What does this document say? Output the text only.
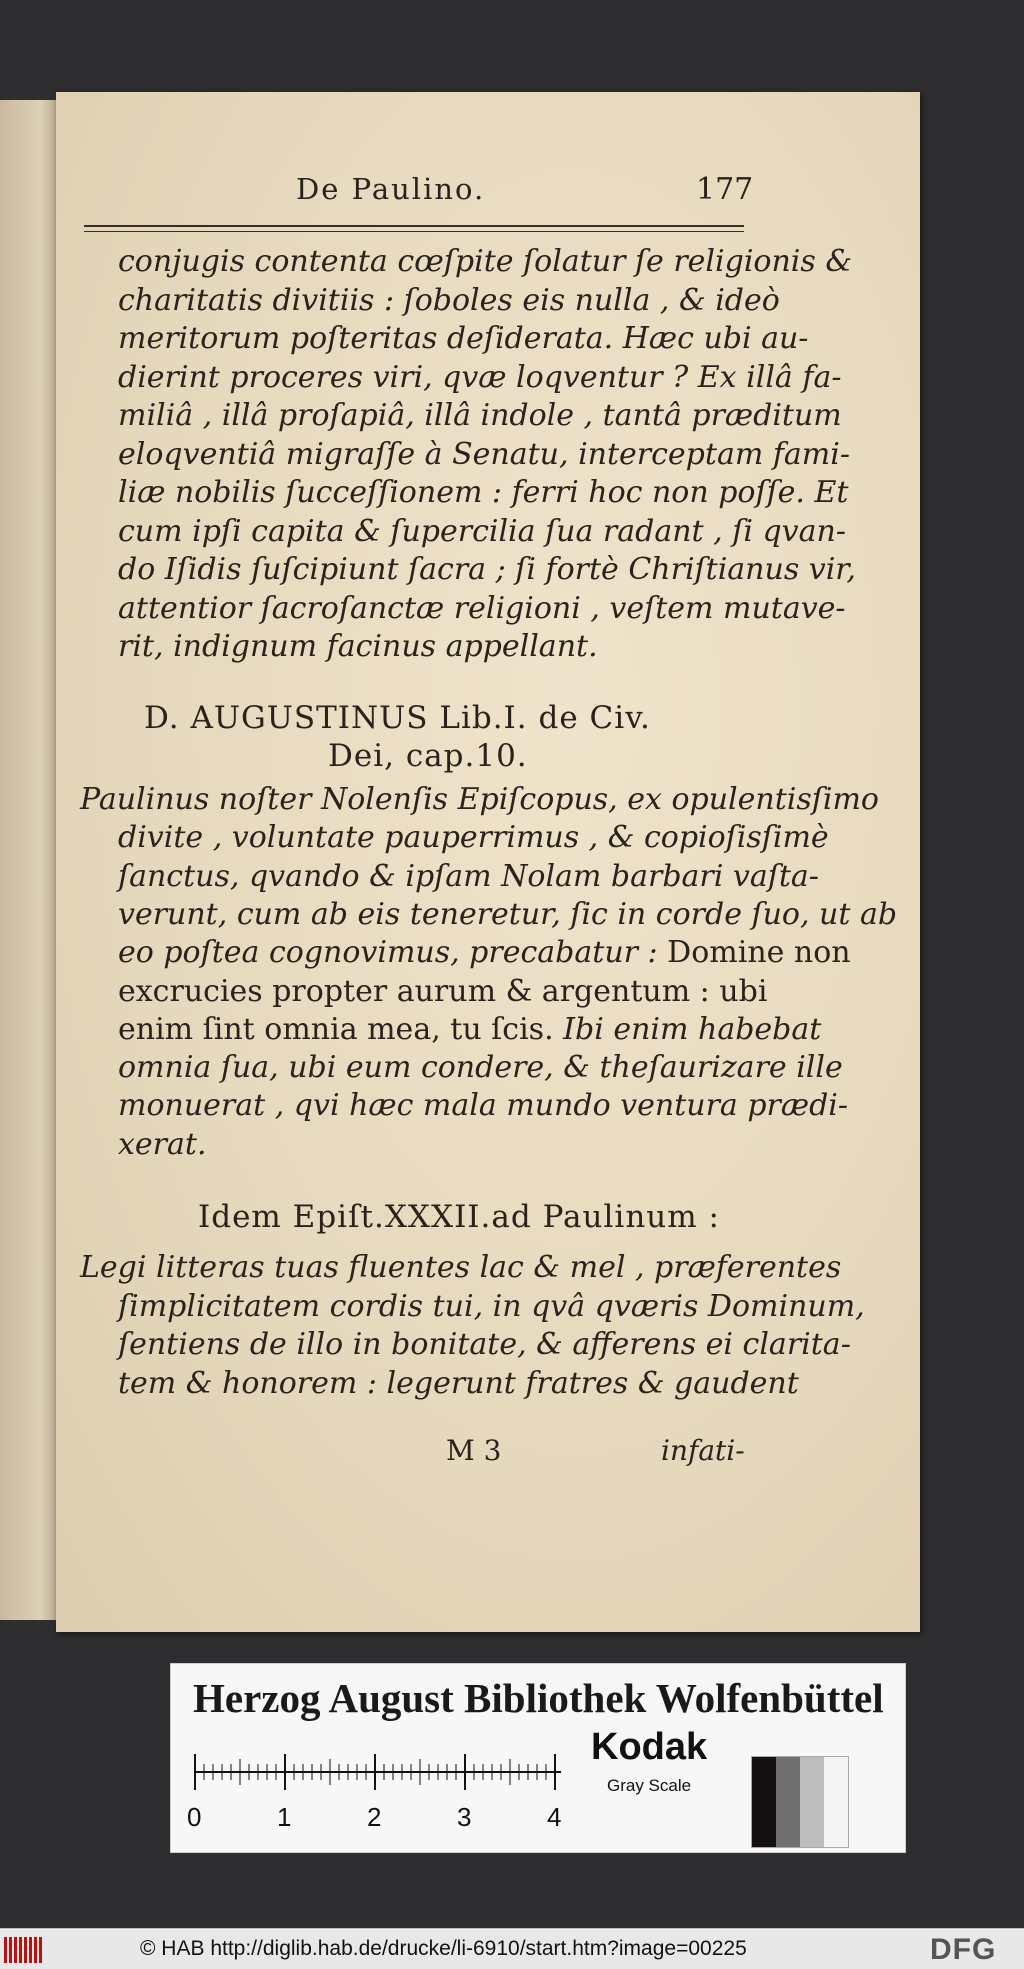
De Paulino.	177
conjugis contenta cœſpite ſolatur ſe religionis &
charitatis divitiis : ſoboles eis nulla , & ideò
meritorum poſteritas deſiderata. Hæc ubi au-
dierint proceres viri, qvæ loqventur ? Ex illâ fa-
miliâ , illâ proſapiâ, illâ indole , tantâ præditum
eloqventiâ migraſſe à Senatu, interceptam fami-
liæ nobilis ſucceſſionem : ferri hoc non poſſe. Et
cum ipſi capita & ſupercilia ſua radant , ſi qvan-
do Iſidis ſuſcipiunt ſacra ; ſi fortè Chriſtianus vir,
attentior ſacroſanctæ religioni , veſtem mutave-
rit, indignum facinus appellant.
D. AUGUSTINUS Lib.I. de Civ.
Dei, cap.10.
Paulinus noſter Nolenſis Epiſcopus, ex opulentisſimo
divite , voluntate pauperrimus , & copioſisſimè
ſanctus, qvando & ipſam Nolam barbari vaſta-
verunt, cum ab eis teneretur, ſic in corde ſuo, ut ab
eo poſtea cognovimus, precabatur : Domine non
excrucies propter aurum & argentum : ubi
enim ſint omnia mea, tu ſcis. Ibi enim habebat
omnia ſua, ubi eum condere, & theſaurizare ille
monuerat , qvi hæc mala mundo ventura prædi-
xerat.
Idem Epiſt.XXXII.ad Paulinum :
Legi litteras tuas fluentes lac & mel , præferentes
ſimplicitatem cordis tui, in qvâ qværis Dominum,
ſentiens de illo in bonitate, & afferens ei clarita-
tem & honorem : legerunt fratres & gaudent
M 3	infati-
Herzog August Bibliothek Wolfenbüttel
0	1	2	3	4
Kodak
Gray Scale
© HAB http://diglib.hab.de/drucke/li-6910/start.htm?image=00225	DFG
